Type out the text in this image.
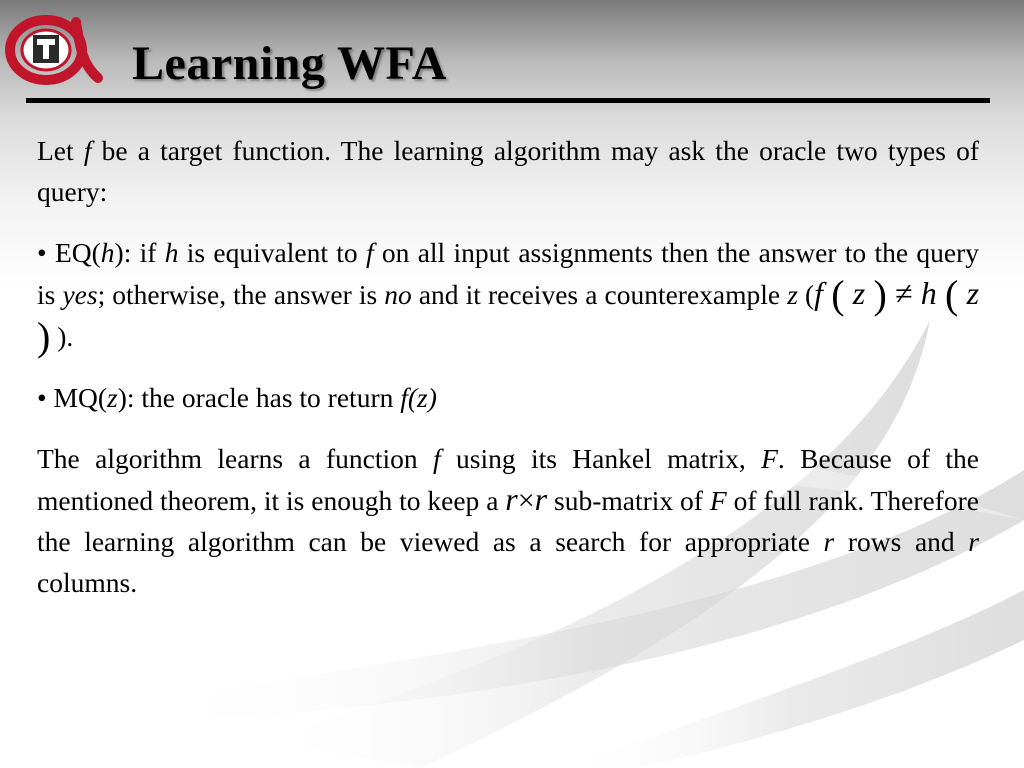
Learning WFA

Let f be a target function. The learning algorithm may ask the oracle two types of query:

• EQ(h): if h is equivalent to f on all input assignments then the answer to the query is yes; otherwise, the answer is no and it receives a counterexample z (f ( z ) ≠ h ( z ) ).

• MQ(z): the oracle has to return f(z)

The algorithm learns a function f using its Hankel matrix, F. Because of the mentioned theorem, it is enough to keep a r×r sub-matrix of F of full rank. Therefore the learning algorithm can be viewed as a search for appropriate r rows and r columns.
